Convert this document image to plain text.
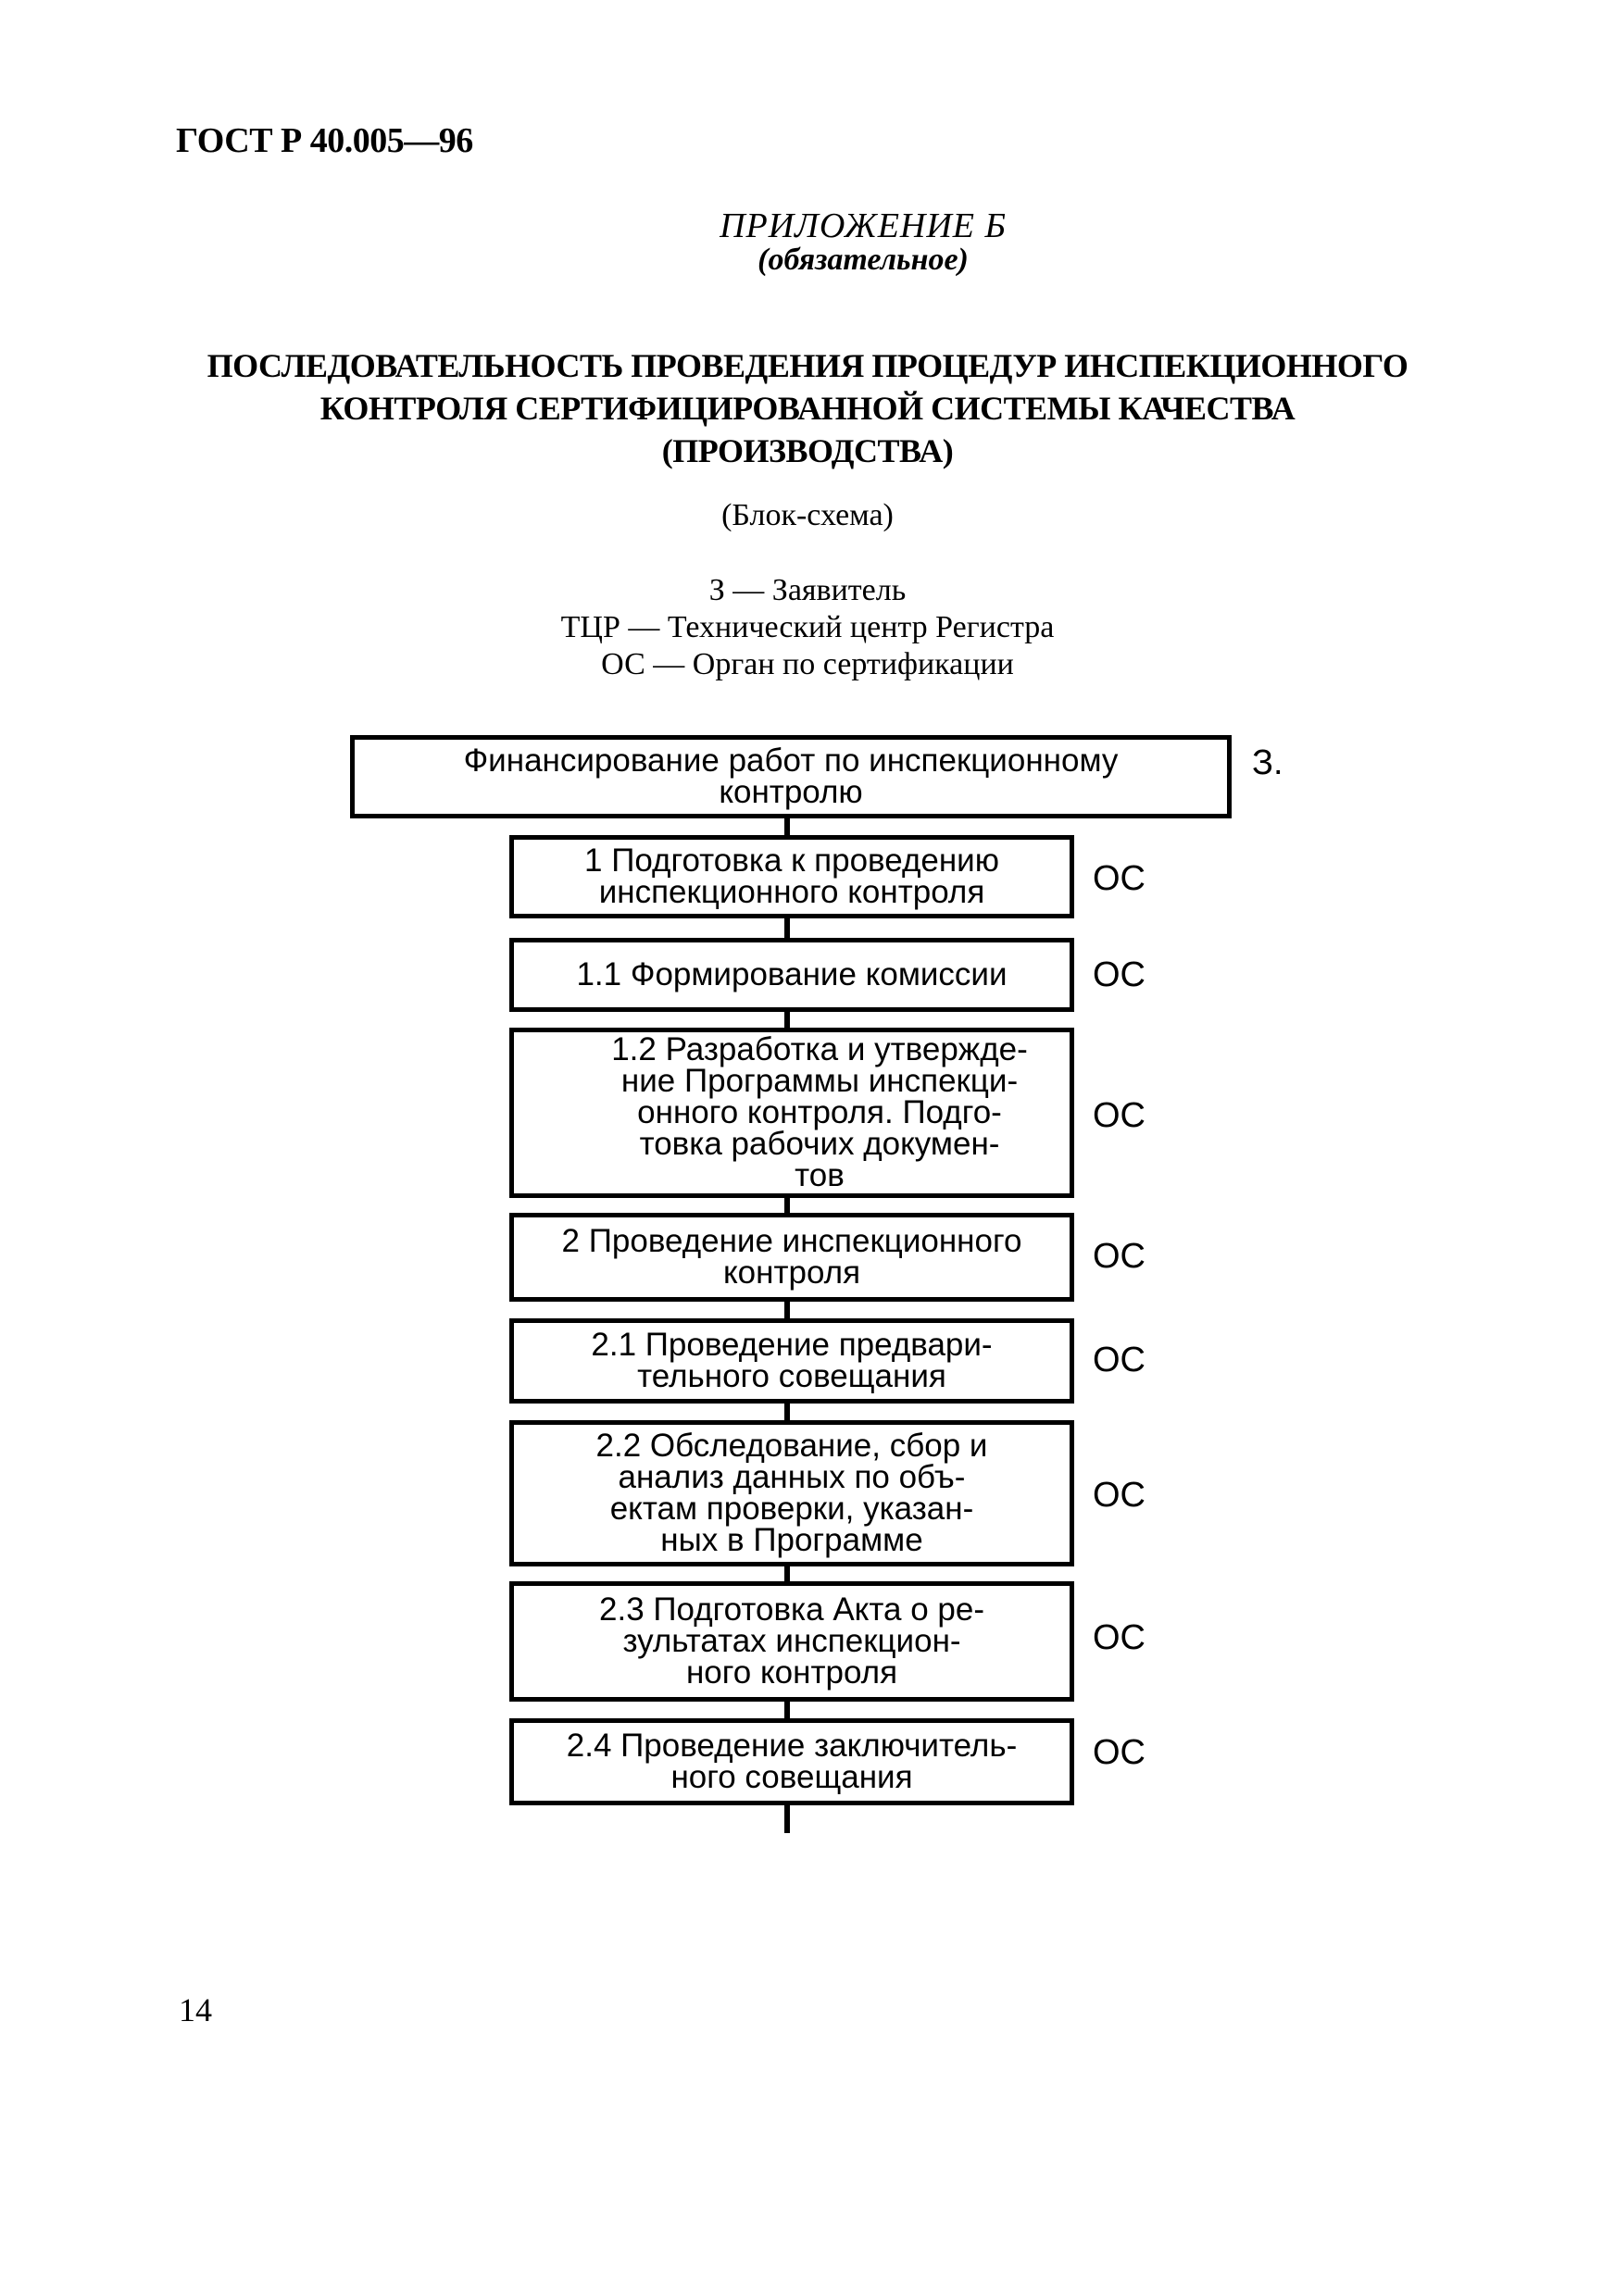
ГОСТ Р 40.005—96
ПРИЛОЖЕНИЕ Б
(обязательное)
ПОСЛЕДОВАТЕЛЬНОСТЬ ПРОВЕДЕНИЯ ПРОЦЕДУР ИНСПЕКЦИОННОГО
КОНТРОЛЯ СЕРТИФИЦИРОВАННОЙ СИСТЕМЫ КАЧЕСТВА
(ПРОИЗВОДСТВА)
(Блок-схема)
З — Заявитель
ТЦР — Технический центр Регистра
ОС — Орган по сертификации
Финансирование работ по инспекционному
контролю
З.
1 Подготовка к проведению
инспекционного контроля	ОС
1.1 Формирование комиссии	ОС
1.2 Разработка и утвержде-
ние Программы инспекци-
онного контроля. Подго-
товка рабочих докумен-
тов
ОС
2 Проведение инспекционного
контроля	ОС
2.1 Проведение предвари-
тельного совещания	ОС
2.2 Обследование, сбор и
анализ данных по объ-
ектам проверки, указан-
ных в Программе
ОС
2.3 Подготовка Акта о ре-
зультатах инспекцион-
ного контроля
ОС
2.4 Проведение заключитель-
ного совещания
ОС
14
